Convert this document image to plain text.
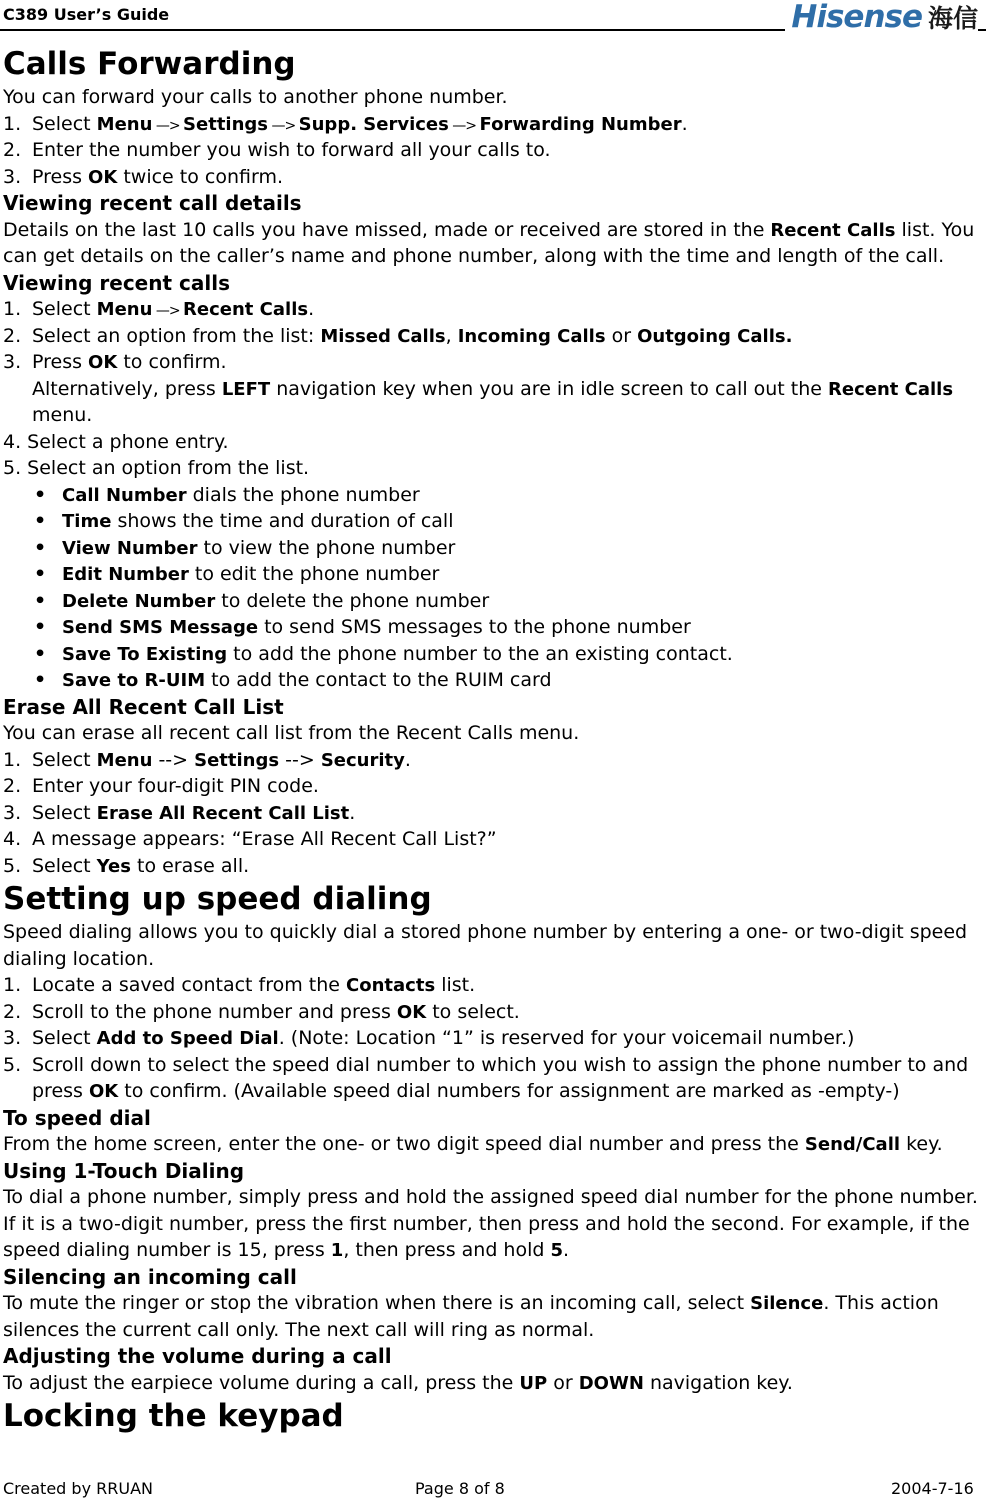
C389 User’s Guide	Hisense 海信
Calls Forwarding
You can forward your calls to another phone number.
1. Select Menu —> Settings —> Supp. Services —> Forwarding Number.
2. Enter the number you wish to forward all your calls to.
3. Press OK twice to confirm.
Viewing recent call details
Details on the last 10 calls you have missed, made or received are stored in the Recent Calls list. You
can get details on the caller’s name and phone number, along with the time and length of the call.
Viewing recent calls
1. Select Menu —> Recent Calls.
2. Select an option from the list: Missed Calls, Incoming Calls or Outgoing Calls.
3. Press OK to confirm.
Alternatively, press LEFT navigation key when you are in idle screen to call out the Recent Calls
menu.
4. Select a phone entry.
5. Select an option from the list.
• Call Number dials the phone number
• Time shows the time and duration of call
• View Number to view the phone number
• Edit Number to edit the phone number
• Delete Number to delete the phone number
• Send SMS Message to send SMS messages to the phone number
• Save To Existing to add the phone number to the an existing contact.
• Save to R-UIM to add the contact to the RUIM card
Erase All Recent Call List
You can erase all recent call list from the Recent Calls menu.
1. Select Menu --> Settings --> Security.
2. Enter your four-digit PIN code.
3. Select Erase All Recent Call List.
4. A message appears: “Erase All Recent Call List?”
5. Select Yes to erase all.
Setting up speed dialing
Speed dialing allows you to quickly dial a stored phone number by entering a one- or two-digit speed
dialing location.
1. Locate a saved contact from the Contacts list.
2. Scroll to the phone number and press OK to select.
3. Select Add to Speed Dial. (Note: Location “1” is reserved for your voicemail number.)
5. Scroll down to select the speed dial number to which you wish to assign the phone number to and
press OK to confirm. (Available speed dial numbers for assignment are marked as -empty-)
To speed dial
From the home screen, enter the one- or two digit speed dial number and press the Send/Call key.
Using 1-Touch Dialing
To dial a phone number, simply press and hold the assigned speed dial number for the phone number.
If it is a two-digit number, press the first number, then press and hold the second. For example, if the
speed dialing number is 15, press 1, then press and hold 5.
Silencing an incoming call
To mute the ringer or stop the vibration when there is an incoming call, select Silence. This action
silences the current call only. The next call will ring as normal.
Adjusting the volume during a call
To adjust the earpiece volume during a call, press the UP or DOWN navigation key.
Locking the keypad
Created by RRUAN	Page 8 of 8	2004-7-16
